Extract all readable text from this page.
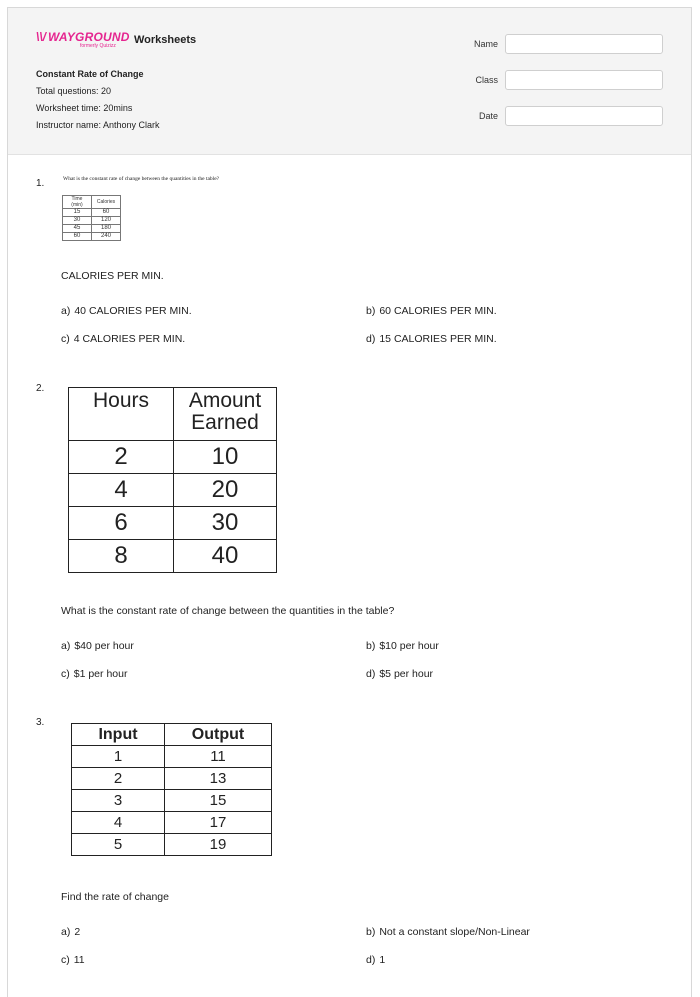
\\/ WAYGROUND
formerly Quizizz Worksheets
Constant Rate of Change
Total questions: 20
Worksheet time: 20mins
Instructor name: Anthony Clark
Name
Class
Date
1.	What is the constant rate of change between the quantities in the table?
Time (min)	Calories
15	60
30	120
45	180
60	240
CALORIES PER MIN.
a) 40 CALORIES PER MIN.	b) 60 CALORIES PER MIN.
c) 4 CALORIES PER MIN.	d) 15 CALORIES PER MIN.
2.
Hours	Amount Earned
2	10
4	20
6	30
8	40
What is the constant rate of change between the quantities in the table?
a) $40 per hour	b) $10 per hour
c) $1 per hour	d) $5 per hour
3.
Input	Output
1	11
2	13
3	15
4	17
5	19
Find the rate of change
a) 2	b) Not a constant slope/Non-Linear
c) 11	d) 1
